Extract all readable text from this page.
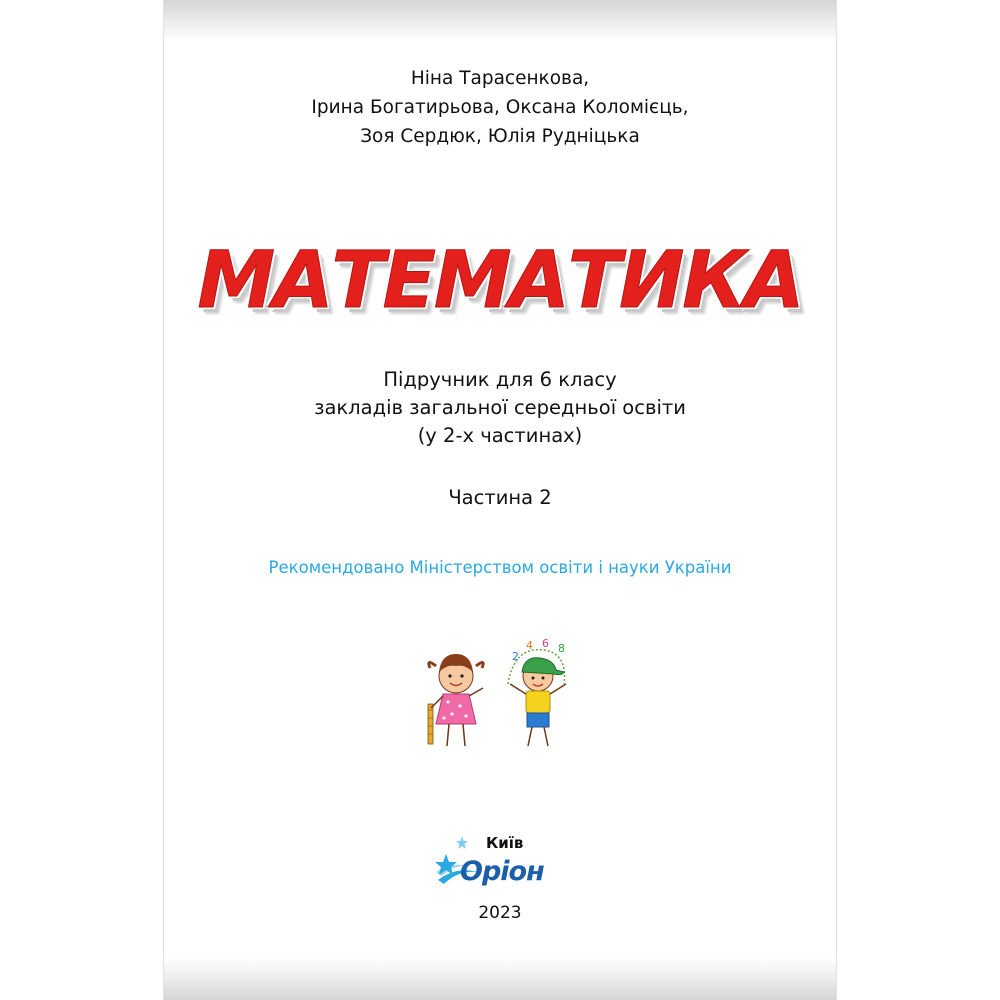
Ніна Тарасенкова,
Ірина Богатирьова, Оксана Коломієць,
Зоя Сердюк, Юлія Рудніцька
МАТЕМАТИКА
Підручник для 6 класу
закладів загальної середньої освіти
(у 2-х частинах)
Частина 2
Рекомендовано Міністерством освіти і науки України
2
4 6 8
Київ
Оріон
2023
